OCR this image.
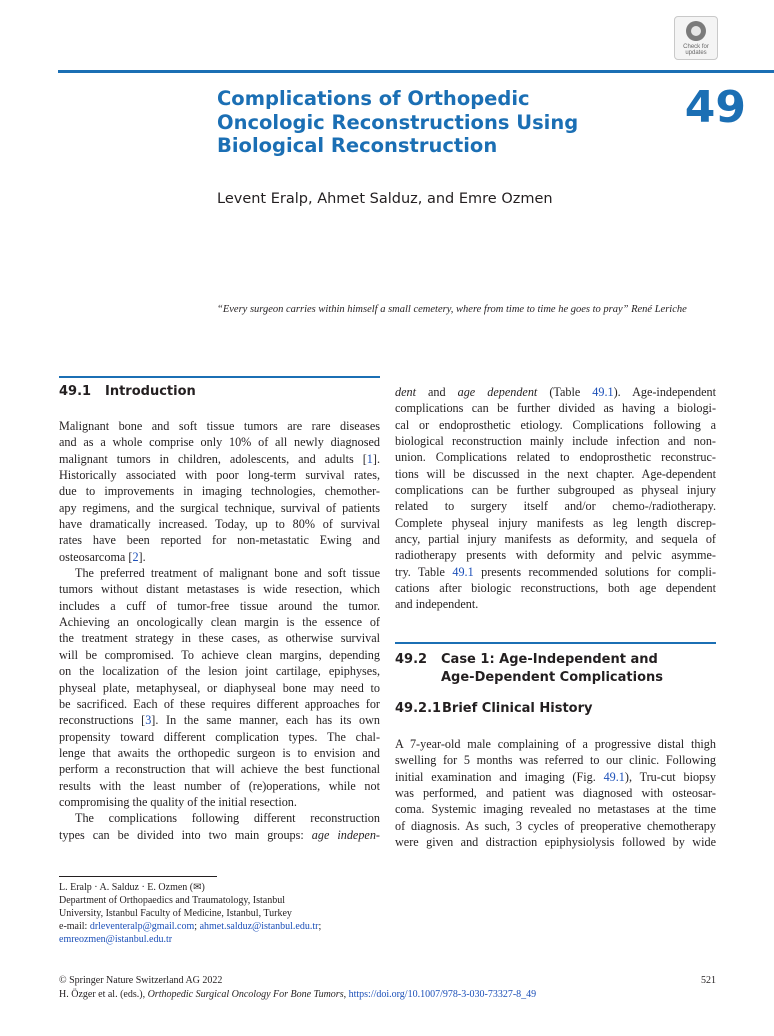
Check for
updates
49
Complications of Orthopedic Oncologic Reconstructions Using Biological Reconstruction
Levent Eralp, Ahmet Salduz, and Emre Ozmen
“Every surgeon carries within himself a small cemetery, where from time to time he goes to pray” René Leriche
49.1 Introduction

Malignant bone and soft tissue tumors are rare diseases
and as a whole comprise only 10% of all newly diagnosed
malignant tumors in children, adolescents, and adults [1].
Historically associated with poor long-term survival rates,
due to improvements in imaging technologies, chemother-
apy regimens, and the surgical technique, survival of patients
have dramatically increased. Today, up to 80% of survival
rates have been reported for non-metastatic Ewing and
osteosarcoma [2].

The preferred treatment of malignant bone and soft tissue
tumors without distant metastases is wide resection, which
includes a cuff of tumor-free tissue around the tumor.
Achieving an oncologically clean margin is the essence of
the treatment strategy in these cases, as otherwise survival
will be compromised. To achieve clean margins, depending
on the localization of the lesion joint cartilage, epiphyses,
physeal plate, metaphyseal, or diaphyseal bone may need to
be sacrificed. Each of these requires different approaches for
reconstructions [3]. In the same manner, each has its own
propensity toward different complication types. The chal-
lenge that awaits the orthopedic surgeon is to envision and
perform a reconstruction that will achieve the best functional
results with the least number of (re)operations, while not
compromising the quality of the initial resection.

The complications following different reconstruction
types can be divided into two main groups: age indepen-

dent and age dependent (Table 49.1). Age-independent
complications can be further divided as having a biologi-
cal or endoprosthetic etiology. Complications following a
biological reconstruction mainly include infection and non-
union. Complications related to endoprosthetic reconstruc-
tions will be discussed in the next chapter. Age-dependent
complications can be further subgrouped as physeal injury
related to surgery itself and/or chemo-/radiotherapy.
Complete physeal injury manifests as leg length discrep-
ancy, partial injury manifests as deformity, and sequela of
radiotherapy presents with deformity and pelvic asymme-
try. Table 49.1 presents recommended solutions for compli-
cations after biologic reconstructions, both age dependent
and independent.

49.2	Case 1: Age-Independent and Age-Dependent Complications
49.2.1Brief Clinical History

A 7-year-old male complaining of a progressive distal thigh
swelling for 5 months was referred to our clinic. Following
initial examination and imaging (Fig. 49.1), Tru-cut biopsy
was performed, and patient was diagnosed with osteosar-
coma. Systemic imaging revealed no metastases at the time
of diagnosis. As such, 3 cycles of preoperative chemotherapy
were given and distraction epiphysiolysis followed by wide

L. Eralp · A. Salduz · E. Ozmen (✉)
Department of Orthopaedics and Traumatology, Istanbul
University, Istanbul Faculty of Medicine, Istanbul, Turkey
e-mail: drleventeralp@gmail.com; ahmet.salduz@istanbul.edu.tr;
emreozmen@istanbul.edu.tr
© Springer Nature Switzerland AG 2022
H. Özger et al. (eds.), Orthopedic Surgical Oncology For Bone Tumors, https://doi.org/10.1007/978-3-030-73327-8_49
521
